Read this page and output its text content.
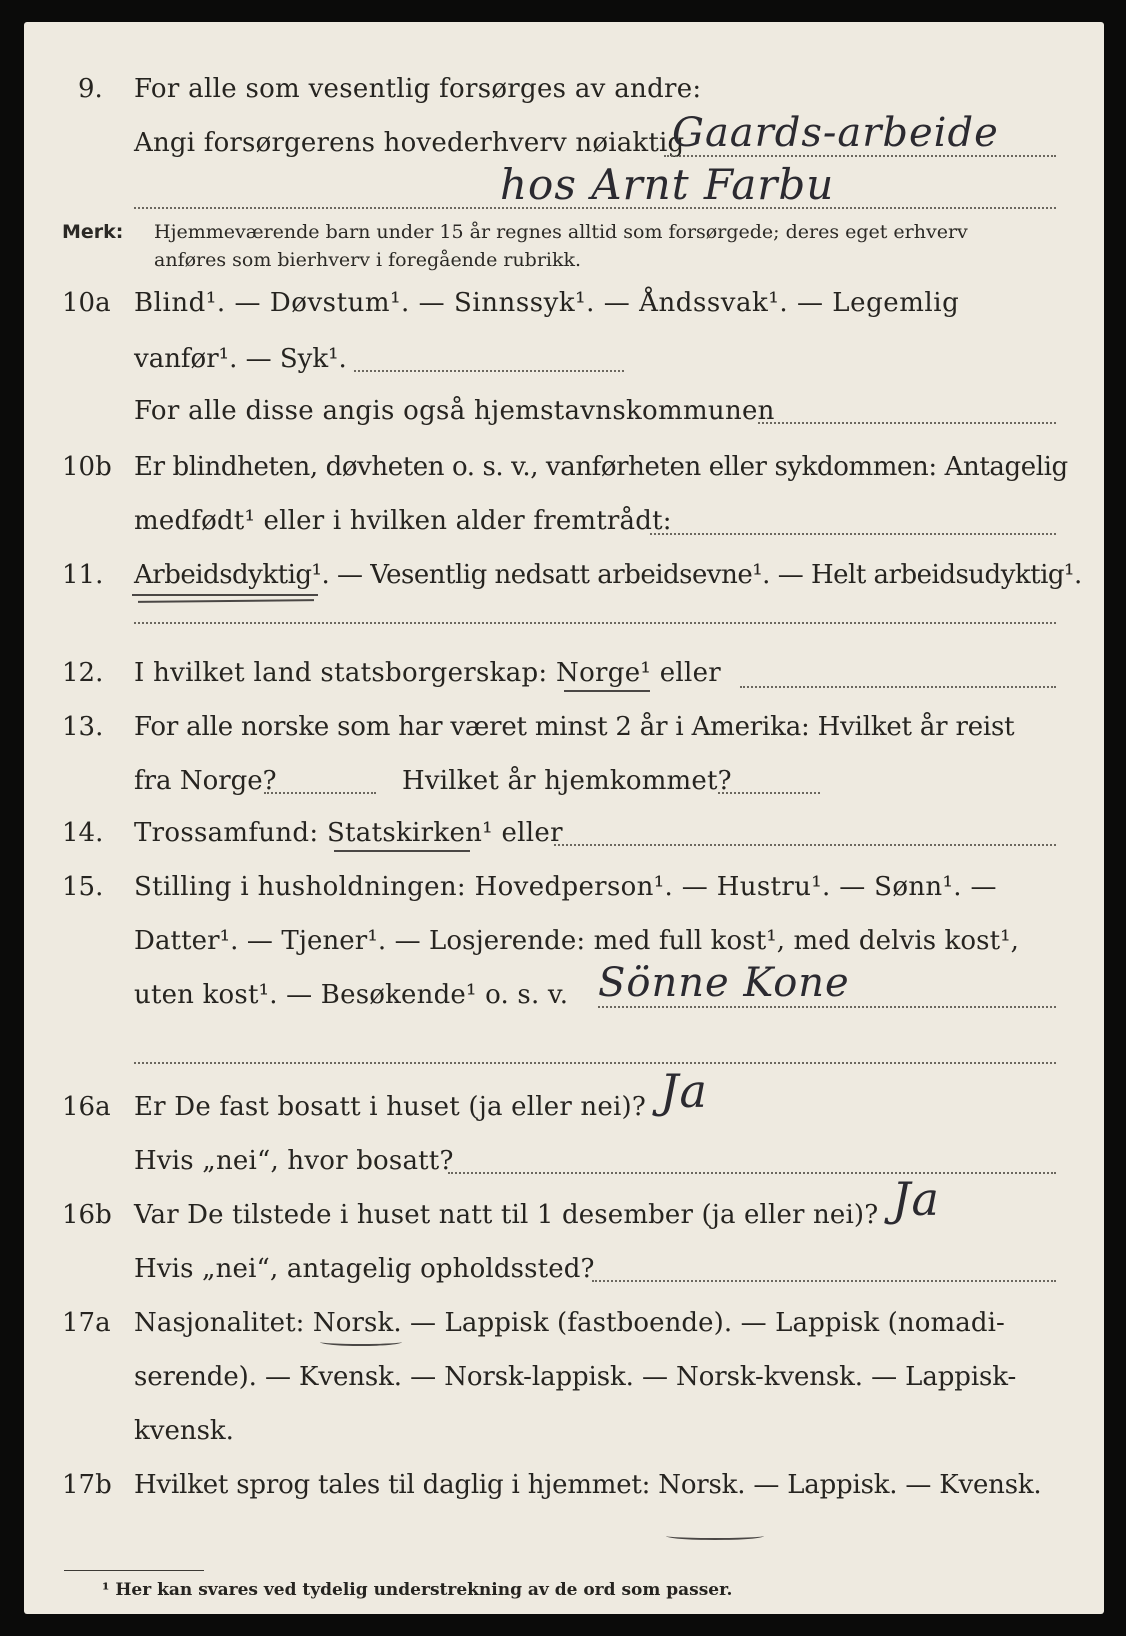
9. For alle som vesentlig forsørges av andre:
Angi forsørgerens hovederhverv nøiaktig
Gaards-arbeide
hos Arnt Farbu
Merk: Hjemmeværende barn under 15 år regnes alltid som forsørgede; deres eget erhverv
anføres som bierhverv i foregående rubrikk.
10a Blind¹. — Døvstum¹. — Sinnssyk¹. — Åndssvak¹. — Legemlig
vanfør¹. — Syk¹.
For alle disse angis også hjemstavnskommunen
10b Er blindheten, døvheten o. s. v., vanførheten eller sykdommen: Antagelig
medfødt¹ eller i hvilken alder fremtrådt:
11. Arbeidsdyktig¹. — Vesentlig nedsatt arbeidsevne¹. — Helt arbeidsudyktig¹.
12. I hvilket land statsborgerskap: Norge¹ eller
13. For alle norske som har været minst 2 år i Amerika: Hvilket år reist
fra Norge?	Hvilket år hjemkommet?
14. Trossamfund: Statskirken¹ eller
15. Stilling i husholdningen: Hovedperson¹. — Hustru¹. — Sønn¹. —
Datter¹. — Tjener¹. — Losjerende: med full kost¹, med delvis kost¹,
uten kost¹. — Besøkende¹ o. s. v. Sönne Kone
16a Er De fast bosatt i huset (ja eller nei)? Ja
Hvis „nei“, hvor bosatt?
16b Var De tilstede i huset natt til 1 desember (ja eller nei)? Ja
Hvis „nei“, antagelig opholdssted?
17a Nasjonalitet: Norsk. — Lappisk (fastboende). — Lappisk (nomadi-
serende). — Kvensk. — Norsk-lappisk. — Norsk-kvensk. — Lappisk-
kvensk.
17b Hvilket sprog tales til daglig i hjemmet: Norsk. — Lappisk. — Kvensk.
¹ Her kan svares ved tydelig understrekning av de ord som passer.
